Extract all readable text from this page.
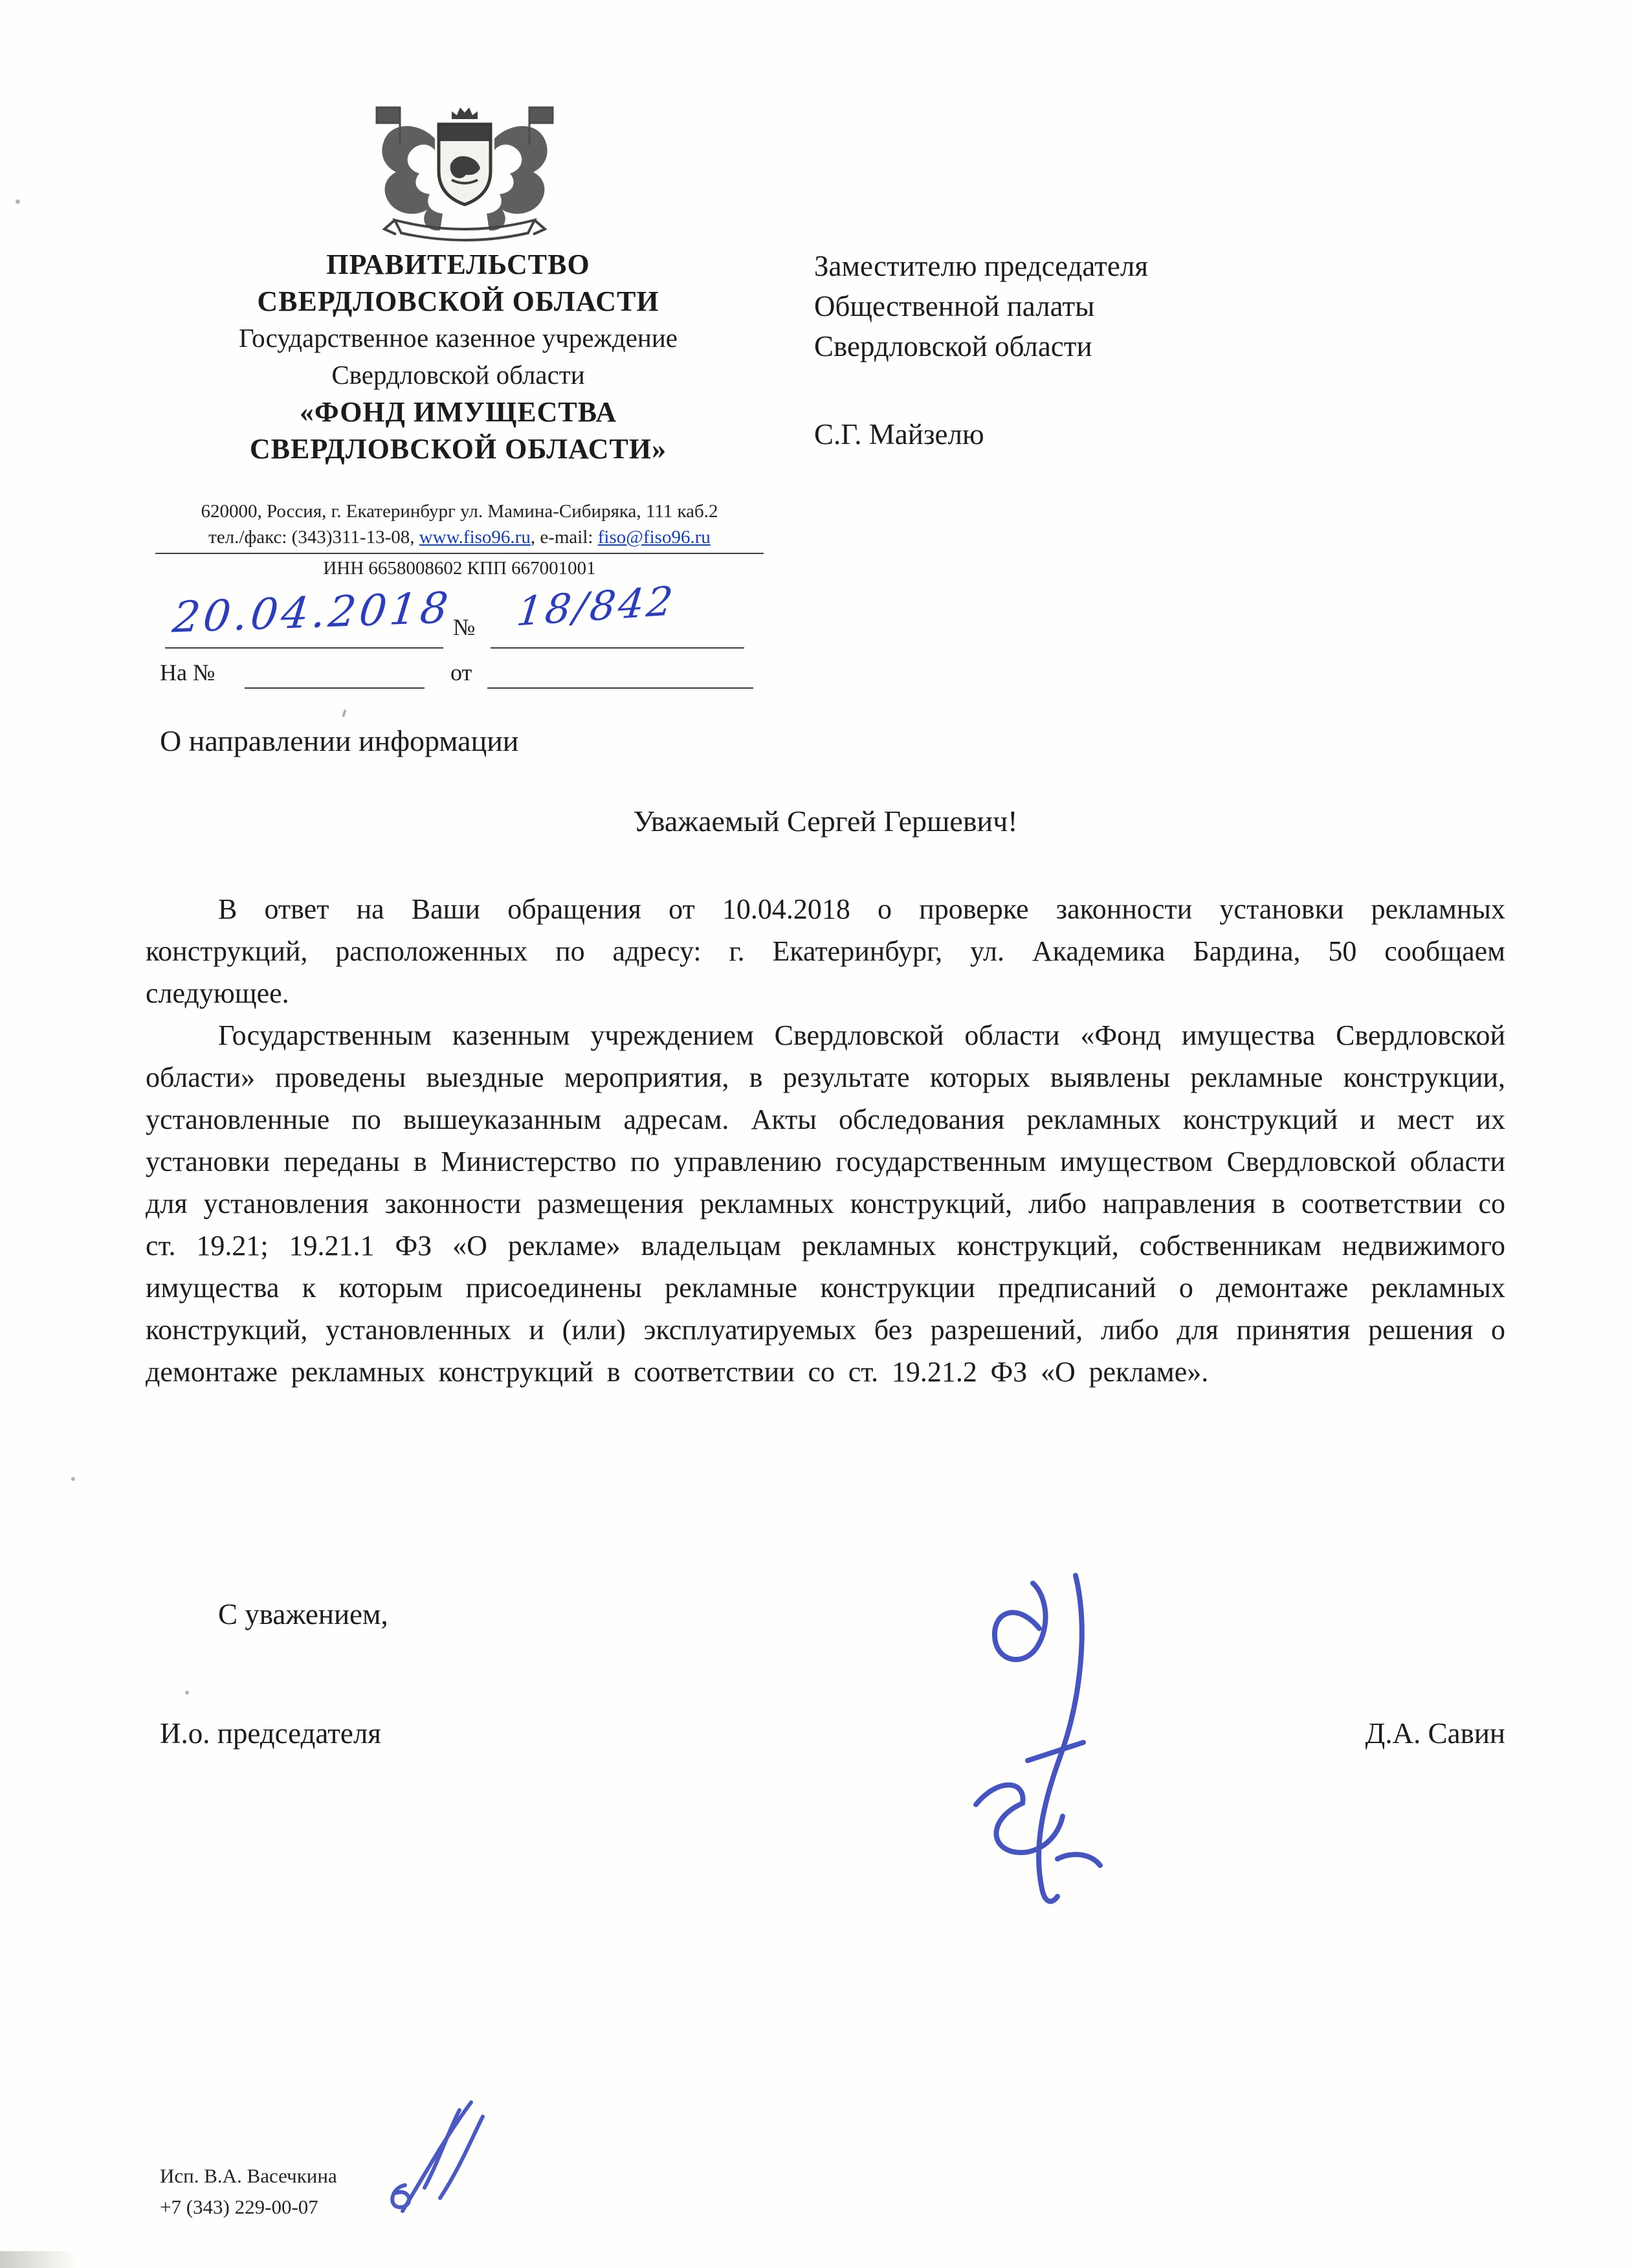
ПРАВИТЕЛЬСТВО
СВЕРДЛОВСКОЙ ОБЛАСТИ
Государственное казенное учреждение
Свердловской области
«ФОНД ИМУЩЕСТВА
СВЕРДЛОВСКОЙ ОБЛАСТИ»
620000, Россия, г. Екатеринбург ул. Мамина-Сибиряка, 111 каб.2
тел./факс: (343)311-13-08, www.fiso96.ru, e-mail: fiso@fiso96.ru
ИНН 6658008602 КПП 667001001
Заместителю председателя
Общественной палаты
Свердловской области
С.Г. Майзелю
20.04.2018 № 18/842
На №	от
О направлении информации
Уважаемый Сергей Гершевич!

В ответ на Ваши обращения от 10.04.2018 о проверке законности установки рекламных конструкций, расположенных по адресу: г. Екатеринбург, ул. Академика Бардина, 50 сообщаем следующее.

Государственным казенным учреждением Свердловской области «Фонд имущества Свердловской области» проведены выездные мероприятия, в результате которых выявлены рекламные конструкции, установленные по вышеуказанным адресам. Акты обследования рекламных конструкций и мест их установки переданы в Министерство по управлению государственным имуществом Свердловской области для установления законности размещения рекламных конструкций, либо направления в соответствии со ст. 19.21; 19.21.1 ФЗ «О рекламе» владельцам рекламных конструкций, собственникам недвижимого имущества к которым присоединены рекламные конструкции предписаний о демонтаже рекламных конструкций, установленных и (или) эксплуатируемых без разрешений, либо для принятия решения о демонтаже рекламных конструкций в соответствии со ст. 19.21.2 ФЗ «О рекламе».

С уважением,
И.о. председателя	Д.А. Савин
Исп. В.А. Васечкина
+7 (343) 229-00-07
